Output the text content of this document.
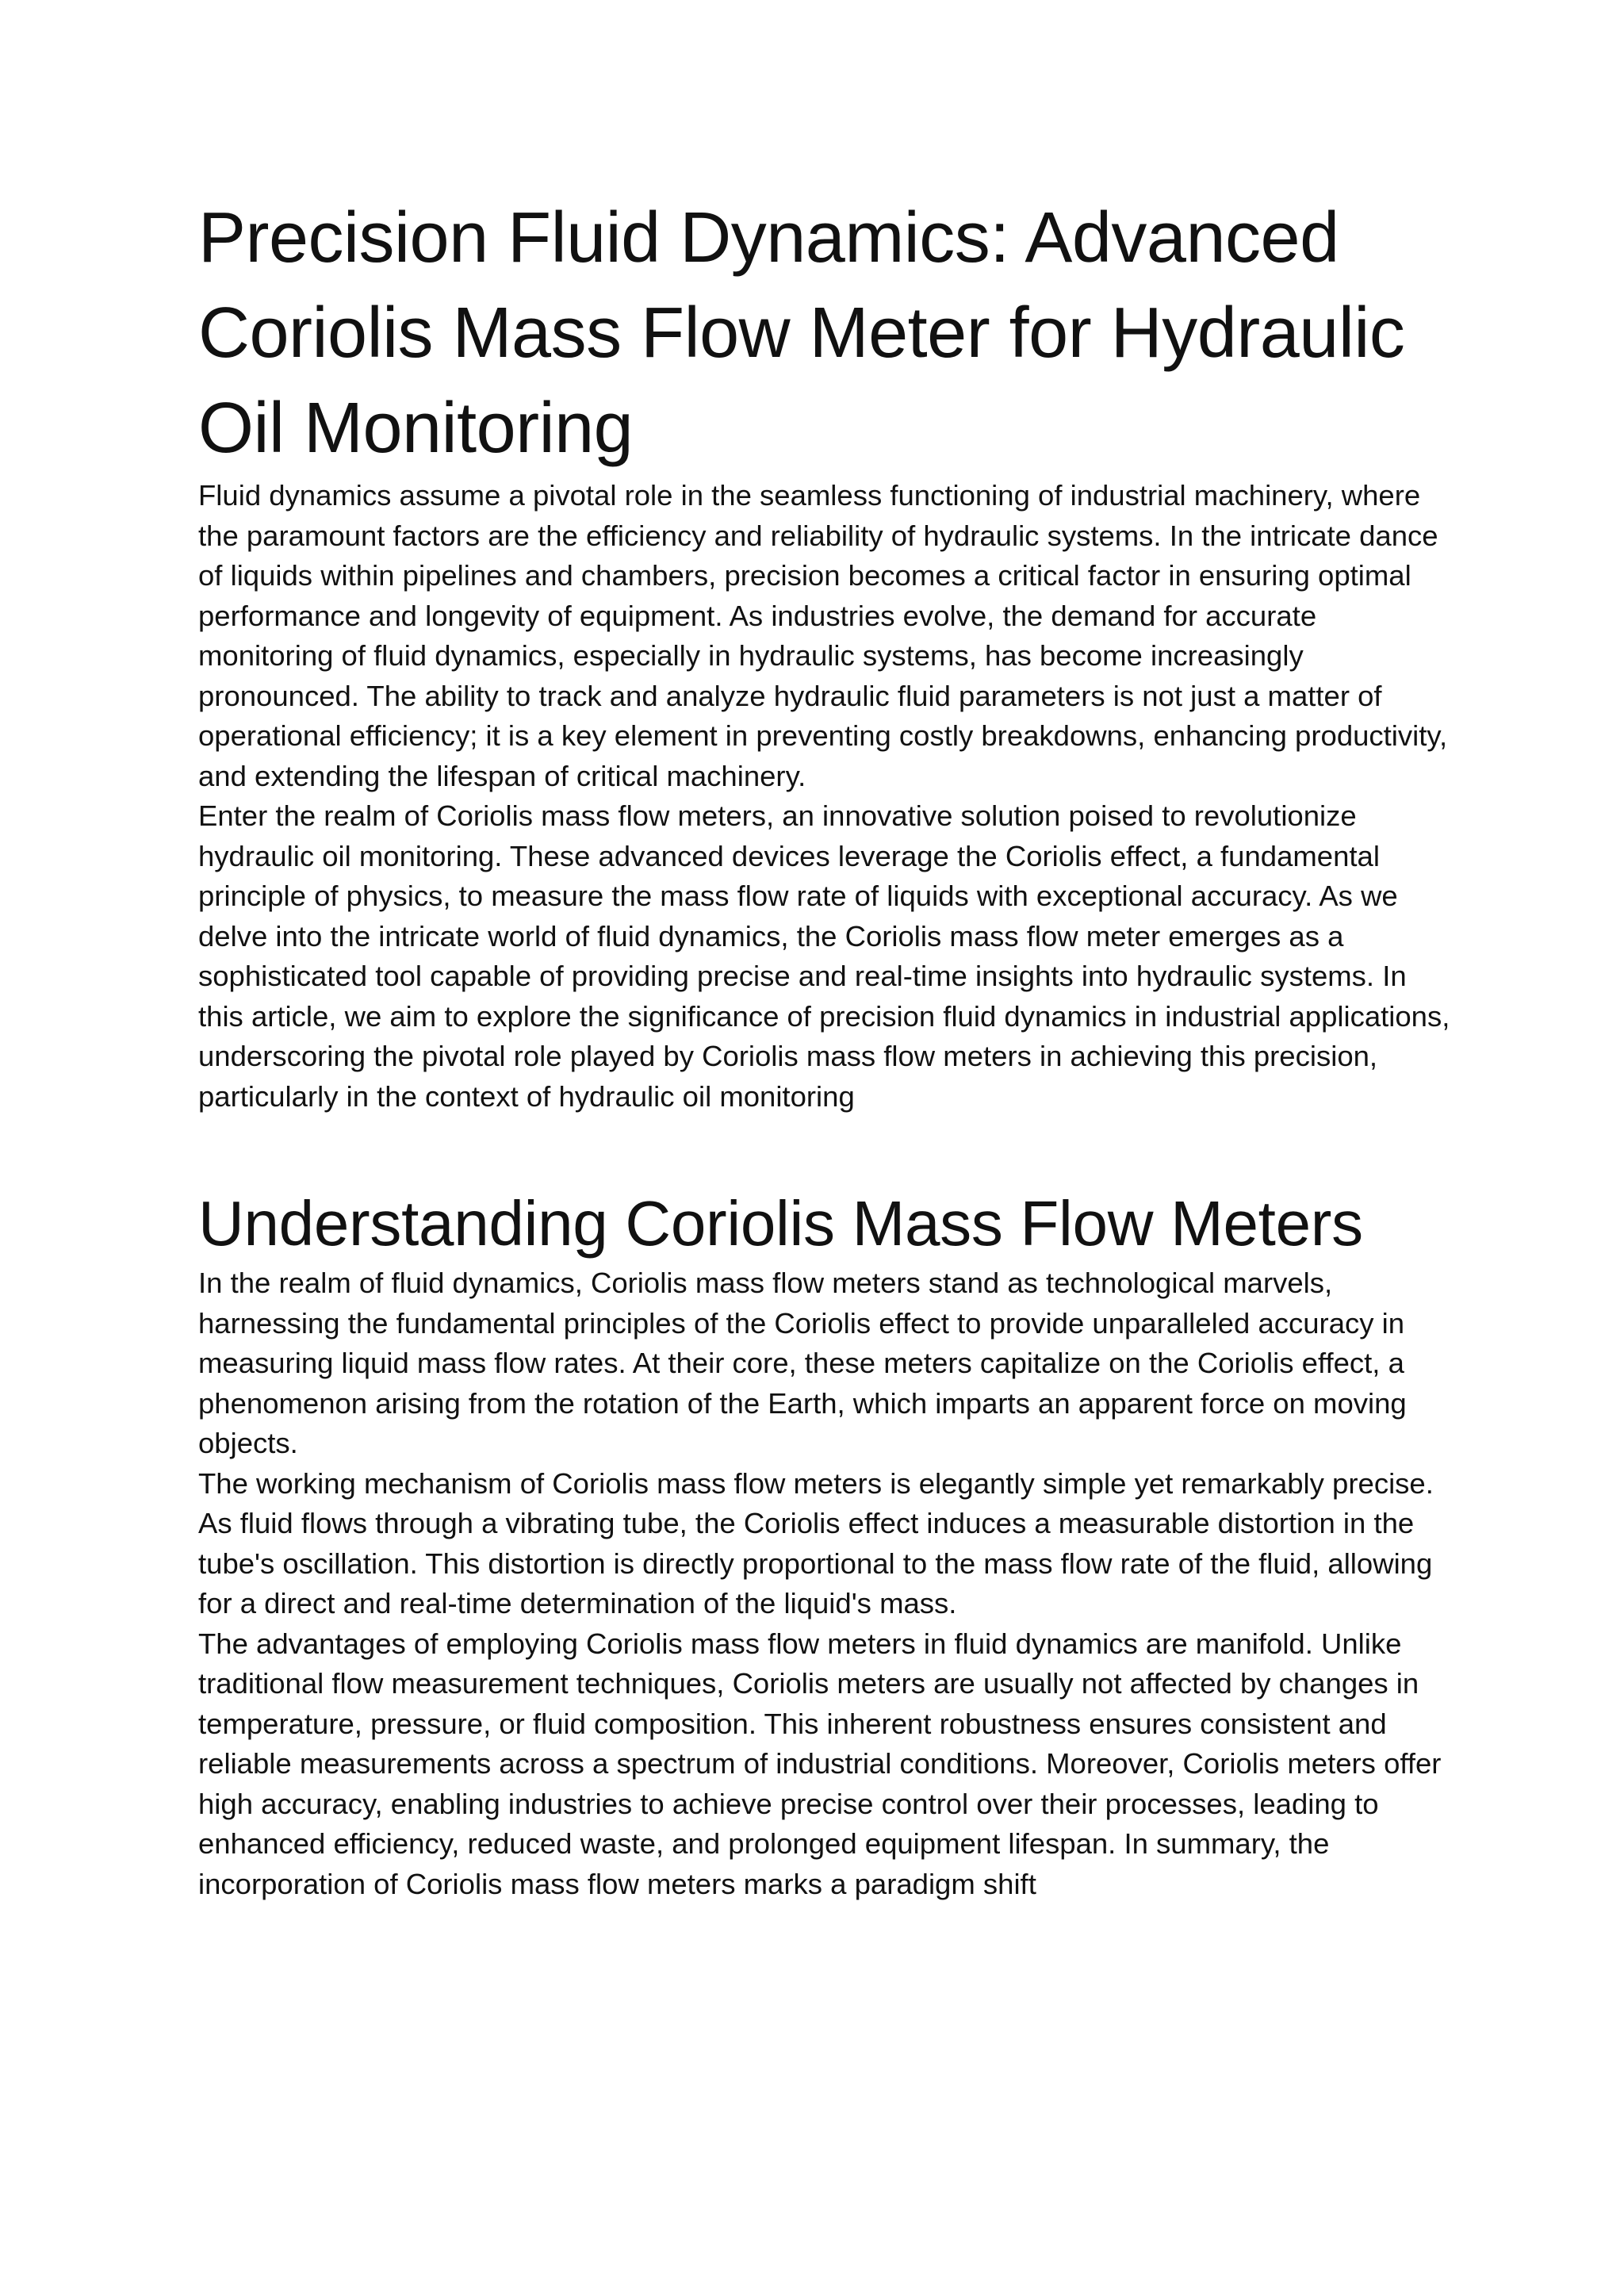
Precision Fluid Dynamics: Advanced Coriolis Mass Flow Meter for Hydraulic Oil Monitoring

Fluid dynamics assume a pivotal role in the seamless functioning of industrial machinery, where the paramount factors are the efficiency and reliability of hydraulic systems. In the intricate dance of liquids within pipelines and chambers, precision becomes a critical factor in ensuring optimal performance and longevity of equipment. As industries evolve, the demand for accurate monitoring of fluid dynamics, especially in hydraulic systems, has become increasingly pronounced. The ability to track and analyze hydraulic fluid parameters is not just a matter of operational efficiency; it is a key element in preventing costly breakdowns, enhancing productivity, and extending the lifespan of critical machinery.

Enter the realm of Coriolis mass flow meters, an innovative solution poised to revolutionize hydraulic oil monitoring. These advanced devices leverage the Coriolis effect, a fundamental principle of physics, to measure the mass flow rate of liquids with exceptional accuracy. As we delve into the intricate world of fluid dynamics, the Coriolis mass flow meter emerges as a sophisticated tool capable of providing precise and real-time insights into hydraulic systems. In this article, we aim to explore the significance of precision fluid dynamics in industrial applications, underscoring the pivotal role played by Coriolis mass flow meters in achieving this precision, particularly in the context of hydraulic oil monitoring

Understanding Coriolis Mass Flow Meters

In the realm of fluid dynamics, Coriolis mass flow meters stand as technological marvels, harnessing the fundamental principles of the Coriolis effect to provide unparalleled accuracy in measuring liquid mass flow rates. At their core, these meters capitalize on the Coriolis effect, a phenomenon arising from the rotation of the Earth, which imparts an apparent force on moving objects.

The working mechanism of Coriolis mass flow meters is elegantly simple yet remarkably precise. As fluid flows through a vibrating tube, the Coriolis effect induces a measurable distortion in the tube's oscillation. This distortion is directly proportional to the mass flow rate of the fluid, allowing for a direct and real-time determination of the liquid's mass.

The advantages of employing Coriolis mass flow meters in fluid dynamics are manifold. Unlike traditional flow measurement techniques, Coriolis meters are usually not affected by changes in temperature, pressure, or fluid composition. This inherent robustness ensures consistent and reliable measurements across a spectrum of industrial conditions. Moreover, Coriolis meters offer high accuracy, enabling industries to achieve precise control over their processes, leading to enhanced efficiency, reduced waste, and prolonged equipment lifespan. In summary, the incorporation of Coriolis mass flow meters marks a paradigm shift
